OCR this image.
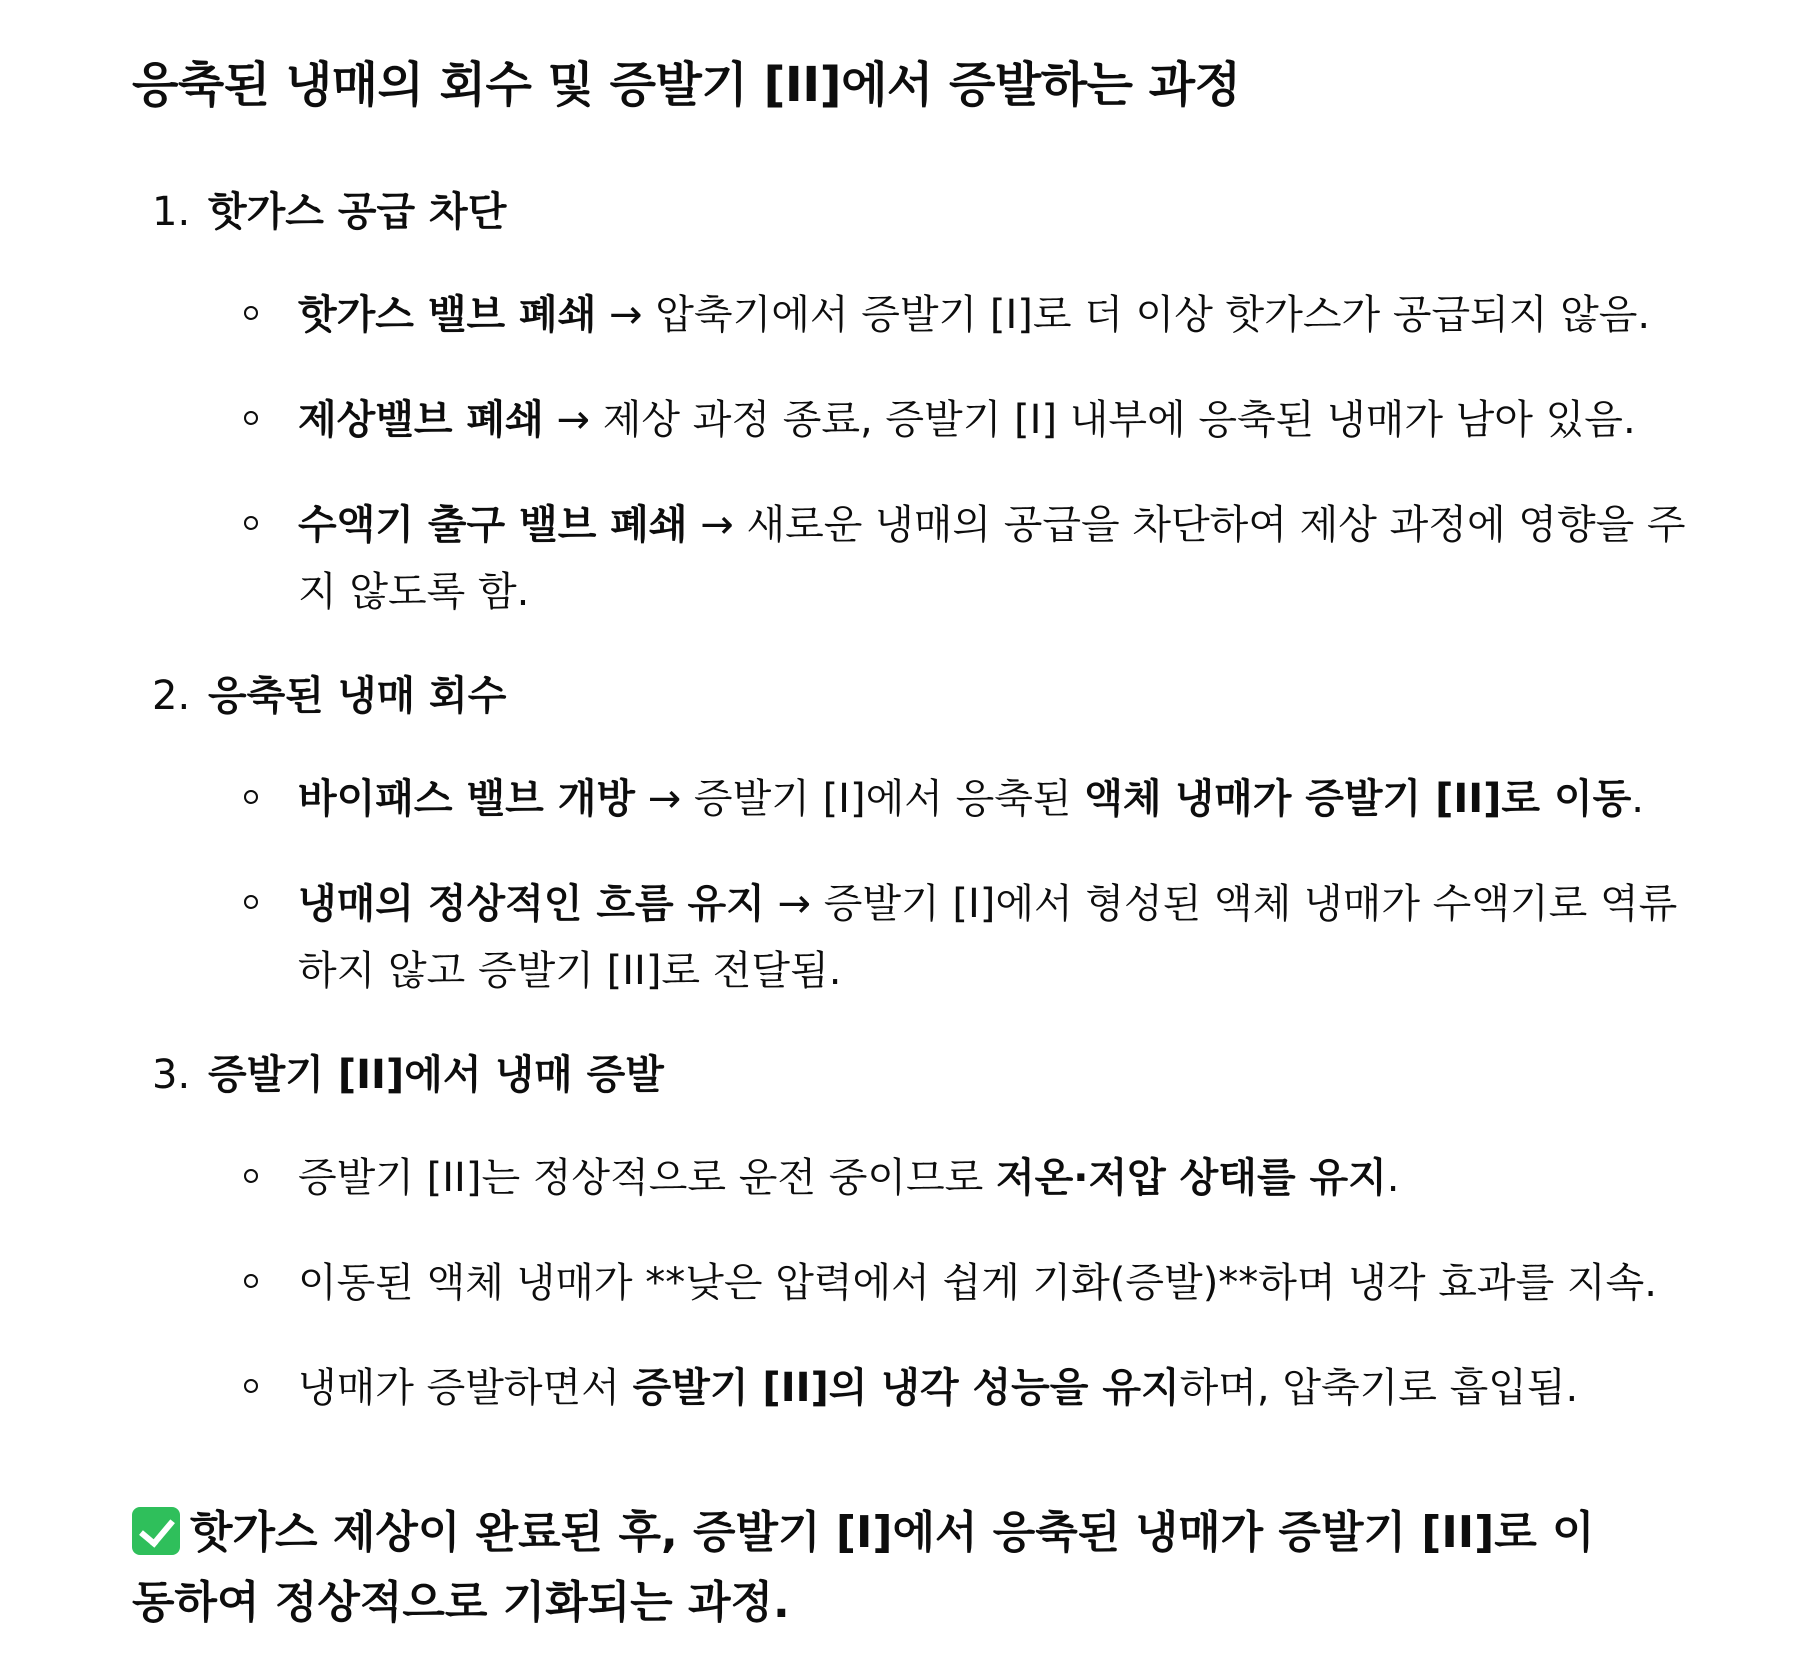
응축된 냉매의 회수 및 증발기 [II]에서 증발하는 과정
1. 핫가스 공급 차단
핫가스 밸브 폐쇄 → 압축기에서 증발기 [I]로 더 이상 핫가스가 공급되지 않음.
제상밸브 폐쇄 → 제상 과정 종료, 증발기 [I] 내부에 응축된 냉매가 남아 있음.
수액기 출구 밸브 폐쇄 → 새로운 냉매의 공급을 차단하여 제상 과정에 영향을 주지 않도록 함.
2. 응축된 냉매 회수
바이패스 밸브 개방 → 증발기 [I]에서 응축된 액체 냉매가 증발기 [II]로 이동.
냉매의 정상적인 흐름 유지 → 증발기 [I]에서 형성된 액체 냉매가 수액기로 역류하지 않고 증발기 [II]로 전달됨.
3. 증발기 [II]에서 냉매 증발
증발기 [II]는 정상적으로 운전 중이므로 저온·저압 상태를 유지.
이동된 액체 냉매가 **낮은 압력에서 쉽게 기화(증발)**하며 냉각 효과를 지속.
냉매가 증발하면서 증발기 [II]의 냉각 성능을 유지하며, 압축기로 흡입됨.
핫가스 제상이 완료된 후, 증발기 [I]에서 응축된 냉매가 증발기 [II]로 이동하여 정상적으로 기화되는 과정.
